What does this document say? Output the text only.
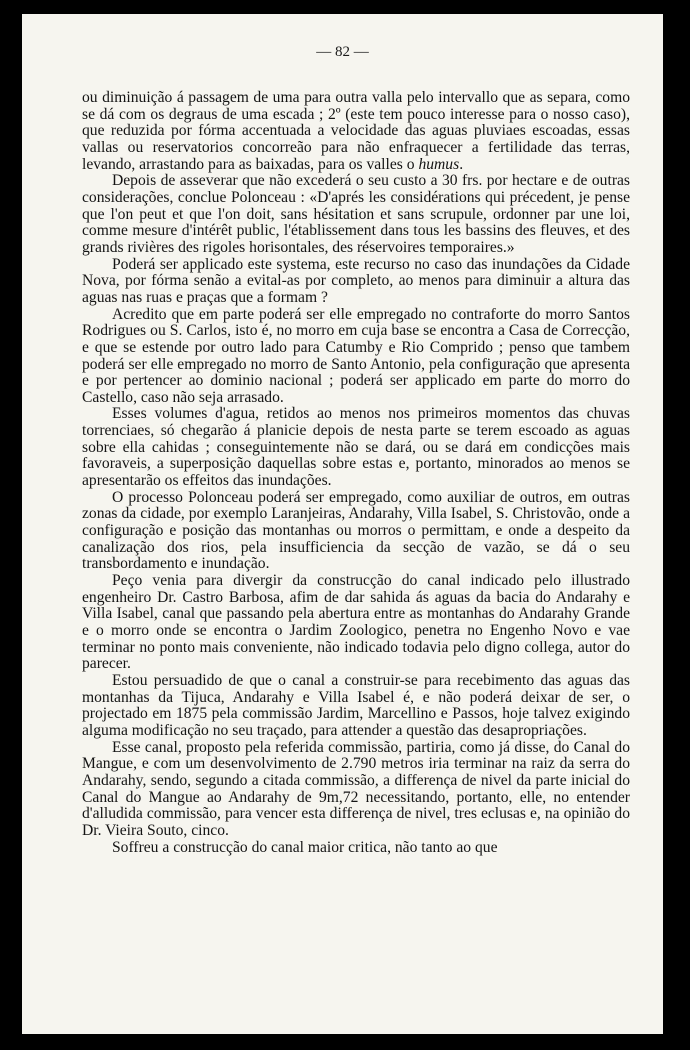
— 82 —

ou diminuição á passagem de uma para outra valla pelo intervallo que as separa, como se dá com os degraus de uma escada ; 2º (este tem pouco interesse para o nosso caso), que reduzida por fórma accentuada a velocidade das aguas pluviaes escoadas, essas vallas ou reservatorios concorreão para não enfraquecer a fertilidade das terras, levando, arrastando para as baixadas, para os valles o humus.

Depois de asseverar que não excederá o seu custo a 30 frs. por hectare e de outras considerações, conclue Polonceau : «D'aprés les considérations qui précedent, je pense que l'on peut et que l'on doit, sans hésitation et sans scrupule, ordonner par une loi, comme mesure d'intérêt public, l'établissement dans tous les bassins des fleuves, et des grands rivières des rigoles horisontales, des réservoires temporaires.»

Poderá ser applicado este systema, este recurso no caso das inundações da Cidade Nova, por fórma senão a evital-as por completo, ao menos para diminuir a altura das aguas nas ruas e praças que a formam ?

Acredito que em parte poderá ser elle empregado no contraforte do morro Santos Rodrigues ou S. Carlos, isto é, no morro em cuja base se encontra a Casa de Correcção, e que se estende por outro lado para Catumby e Rio Comprido ; penso que tambem poderá ser elle empregado no morro de Santo Antonio, pela configuração que apresenta e por pertencer ao dominio nacional ; poderá ser applicado em parte do morro do Castello, caso não seja arrasado.

Esses volumes d'agua, retidos ao menos nos primeiros momentos das chuvas torrenciaes, só chegarão á planicie depois de nesta parte se terem escoado as aguas sobre ella cahidas ; conseguintemente não se dará, ou se dará em condicções mais favoraveis, a superposição daquellas sobre estas e, portanto, minorados ao menos se apresentarão os effeitos das inundações.

O processo Polonceau poderá ser empregado, como auxiliar de outros, em outras zonas da cidade, por exemplo Laranjeiras, Andarahy, Villa Isabel, S. Christovão, onde a configuração e posição das montanhas ou morros o permittam, e onde a despeito da canalização dos rios, pela insufficiencia da secção de vazão, se dá o seu transbordamento e inundação.

Peço venia para divergir da construcção do canal indicado pelo illustrado engenheiro Dr. Castro Barbosa, afim de dar sahida ás aguas da bacia do Andarahy e Villa Isabel, canal que passando pela abertura entre as montanhas do Andarahy Grande e o morro onde se encontra o Jardim Zoologico, penetra no Engenho Novo e vae terminar no ponto mais conveniente, não indicado todavia pelo digno collega, autor do parecer.

Estou persuadido de que o canal a construir-se para recebimento das aguas das montanhas da Tijuca, Andarahy e Villa Isabel é, e não poderá deixar de ser, o projectado em 1875 pela commissão Jardim, Marcellino e Passos, hoje talvez exigindo alguma modificação no seu traçado, para attender a questão das desapropriações.

Esse canal, proposto pela referida commissão, partiria, como já disse, do Canal do Mangue, e com um desenvolvimento de 2.790 metros iria terminar na raiz da serra do Andarahy, sendo, segundo a citada commissão, a differença de nivel da parte inicial do Canal do Mangue ao Andarahy de 9m,72 necessitando, portanto, elle, no entender d'alludida commissão, para vencer esta differença de nivel, tres eclusas e, na opinião do Dr. Vieira Souto, cinco.

Soffreu a construcção do canal maior critica, não tanto ao que
